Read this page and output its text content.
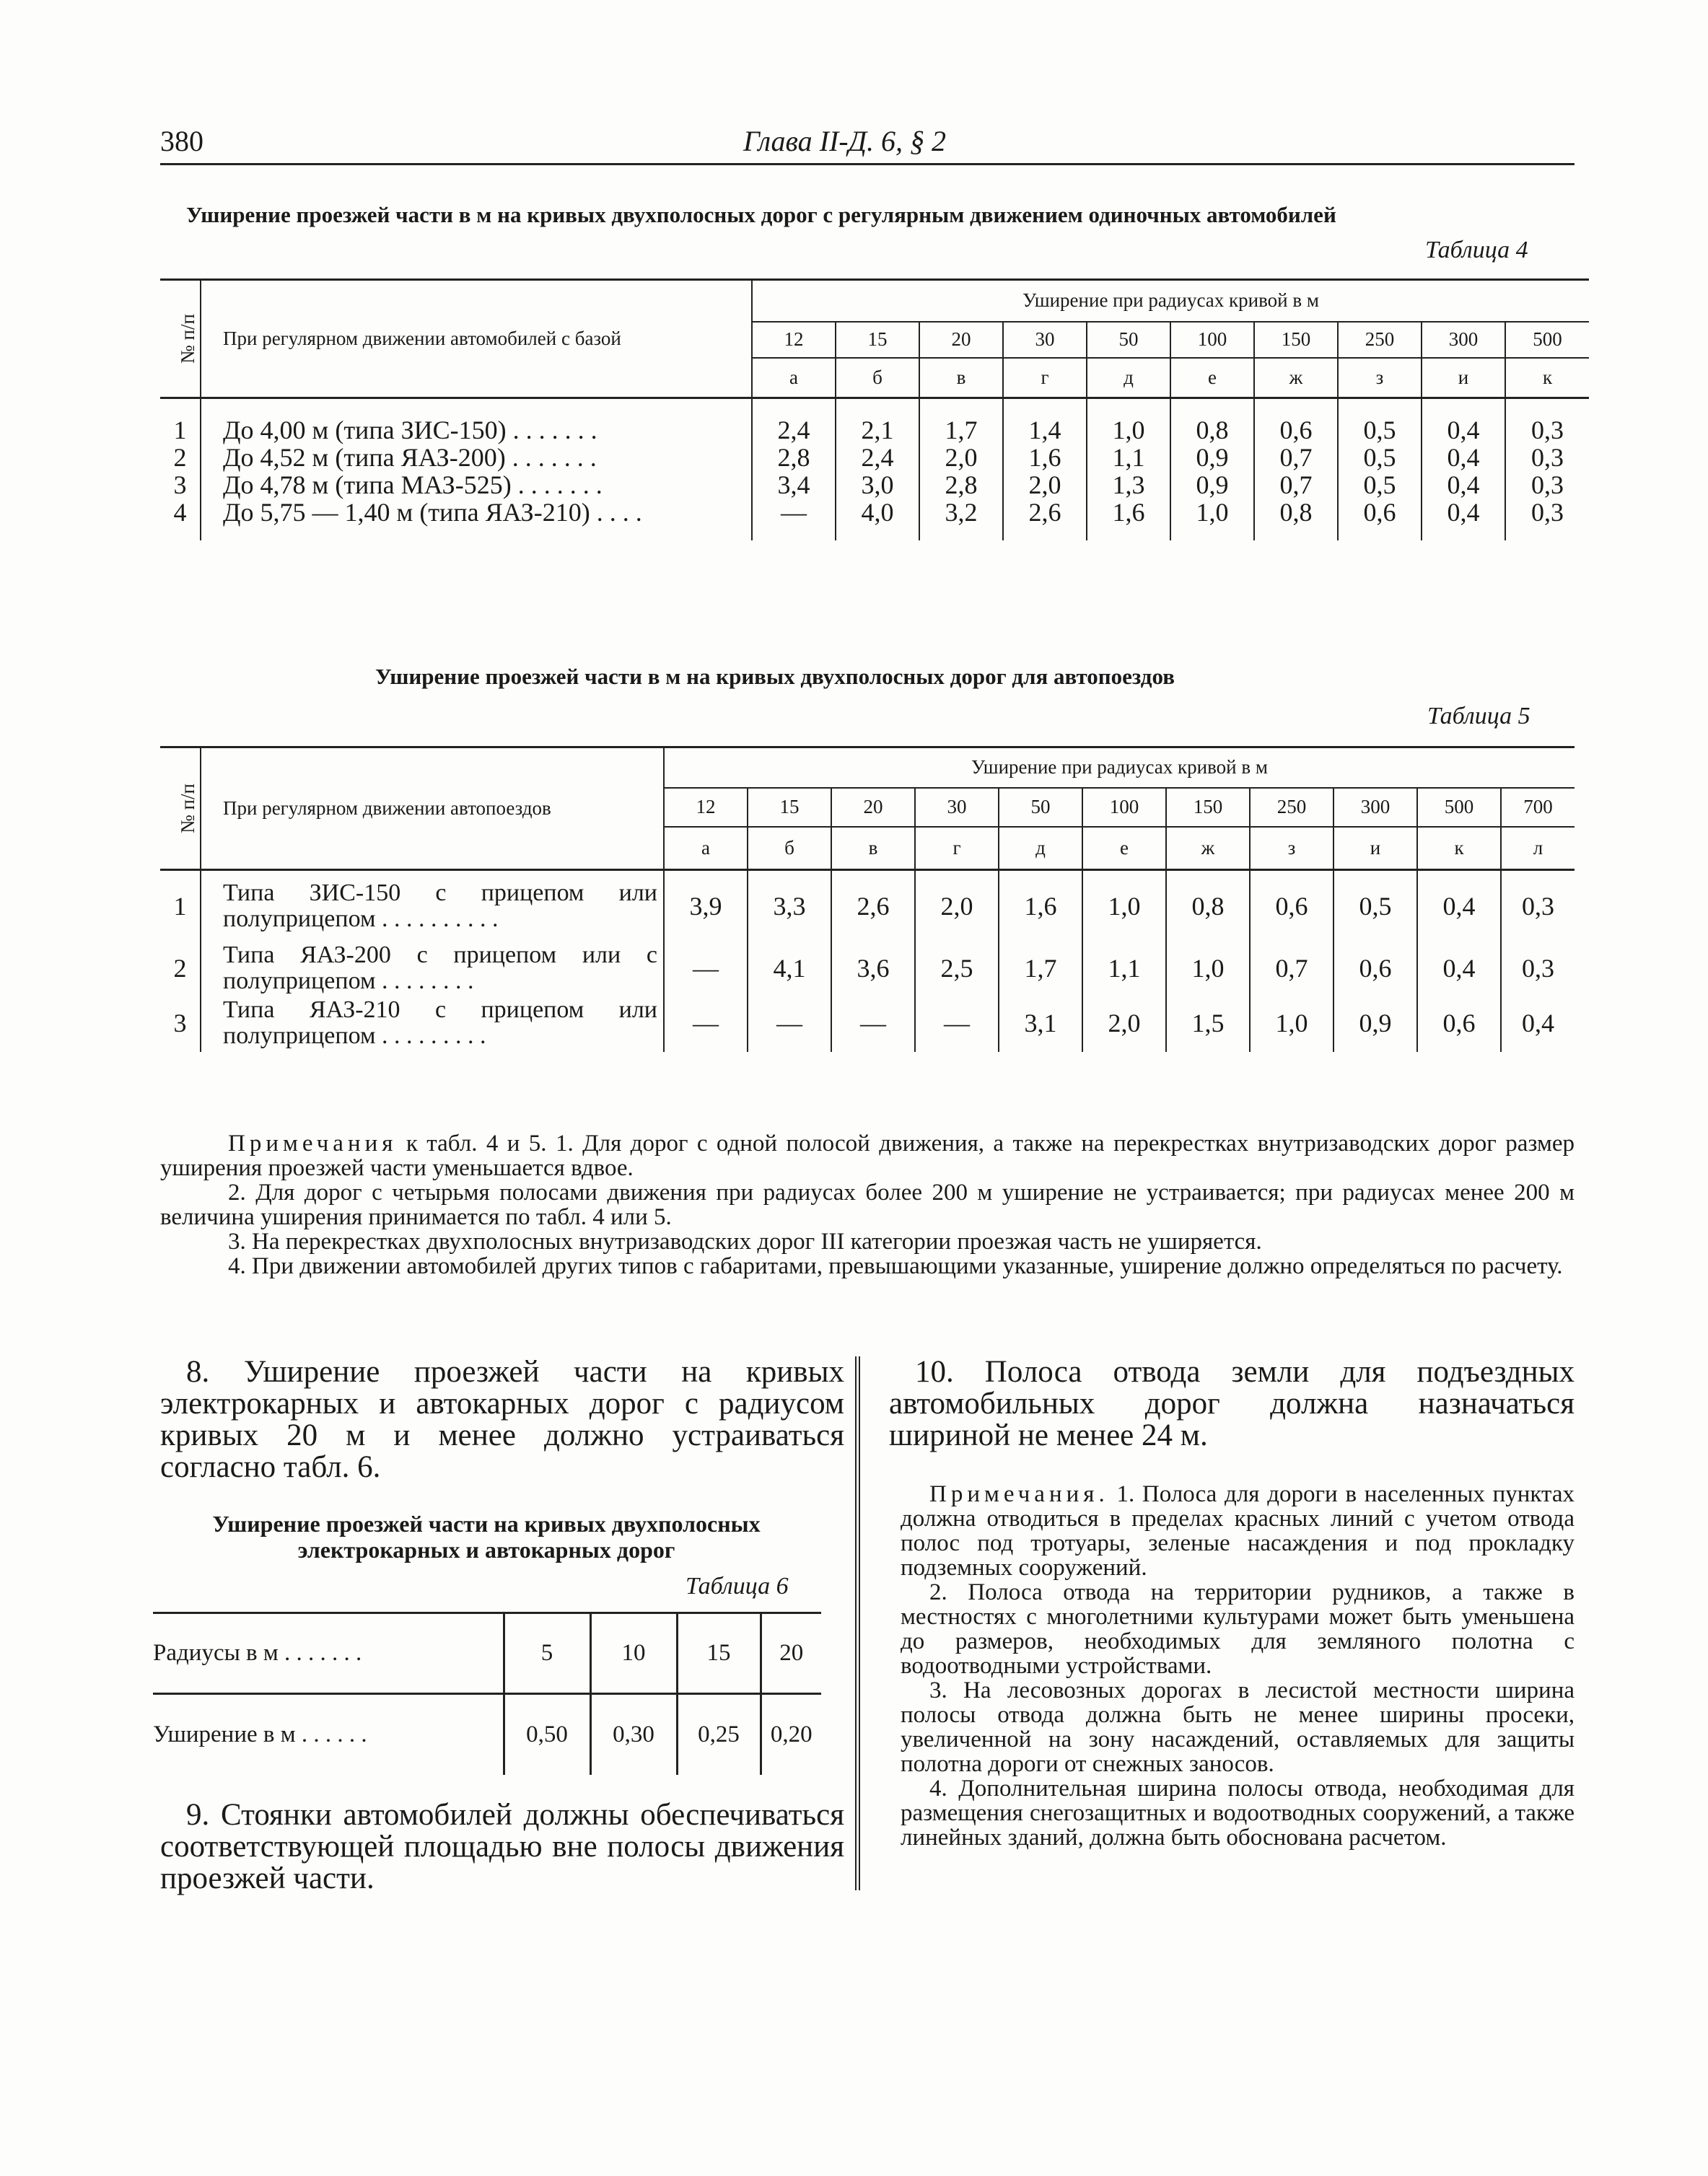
380	Глава II-Д. 6, § 2
Уширение проезжей части в м на кривых двухполосных дорог с регулярным движением одиночных автомобилей
Таблица 4
№ п/п	При регулярном движении автомобилей с базой	Уширение при радиусах кривой в м									
		12	15	20	30	50	100	150	250	300	500
		а	б	в	г	д	е	ж	з	и	к
1	До 4,00 м (типа ЗИС-150) . . . . . . .	2,4	2,1	1,7	1,4	1,0	0,8	0,6	0,5	0,4	0,3
2	До 4,52 м (типа ЯАЗ-200) . . . . . . .	2,8	2,4	2,0	1,6	1,1	0,9	0,7	0,5	0,4	0,3
3	До 4,78 м (типа МАЗ-525) . . . . . . .	3,4	3,0	2,8	2,0	1,3	0,9	0,7	0,5	0,4	0,3
4	До 5,75 — 1,40 м (типа ЯАЗ-210) . . . .	—	4,0	3,2	2,6	1,6	1,0	0,8	0,6	0,4	0,3
Уширение проезжей части в м на кривых двухполосных дорог для автопоездов
Таблица 5
№ п/п	При регулярном движении автопоездов	Уширение при радиусах кривой в м										
		12	15	20	30	50	100	150	250	300	500	700
		а	б	в	г	д	е	ж	з	и	к	л
1	Типа ЗИС-150 с прицепом или полуприцепом . . . . . . . . . .	3,9	3,3	2,6	2,0	1,6	1,0	0,8	0,6	0,5	0,4	0,3
2	Типа ЯАЗ-200 с прицепом или с полуприцепом . . . . . . . .	—	4,1	3,6	2,5	1,7	1,1	1,0	0,7	0,6	0,4	0,3
3	Типа ЯАЗ-210 с прицепом или полуприцепом . . . . . . . . .	—	—	—	—	3,1	2,0	1,5	1,0	0,9	0,6	0,4

Примечания к табл. 4 и 5. 1. Для дорог с одной полосой движения, а также на перекрестках внутризаводских дорог размер уширения проезжей части уменьшается вдвое.

2. Для дорог с четырьмя полосами движения при радиусах более 200 м уширение не устраивается; при радиусах менее 200 м величина уширения принимается по табл. 4 или 5.

3. На перекрестках двухполосных внутризаводских дорог III категории проезжая часть не уширяется.

4. При движении автомобилей других типов с габаритами, превышающими указанные, уширение должно определяться по расчету.

8. Уширение проезжей части на кривых электрокарных и автокарных дорог с радиусом кривых 20 м и менее должно устраиваться согласно табл. 6.

Уширение проезжей части на кривых двухполосных электрокарных и автокарных дорог
Таблица 6
Радиусы в м . . . . . . .	5	10	15	20
Уширение в м . . . . . .	0,50	0,30	0,25	0,20

9. Стоянки автомобилей должны обеспечиваться соответствующей площадью вне полосы движения проезжей части.

10. Полоса отвода земли для подъездных автомобильных дорог должна назначаться шириной не менее 24 м.

Примечания. 1. Полоса для дороги в населенных пунктах должна отводиться в пределах красных линий с учетом отвода полос под тротуары, зеленые насаждения и под прокладку подземных сооружений.

2. Полоса отвода на территории рудников, а также в местностях с многолетними культурами может быть уменьшена до размеров, необходимых для земляного полотна с водоотводными устройствами.

3. На лесовозных дорогах в лесистой местности ширина полосы отвода должна быть не менее ширины просеки, увеличенной на зону насаждений, оставляемых для защиты полотна дороги от снежных заносов.

4. Дополнительная ширина полосы отвода, необходимая для размещения снегозащитных и водоотводных сооружений, а также линейных зданий, должна быть обоснована расчетом.
